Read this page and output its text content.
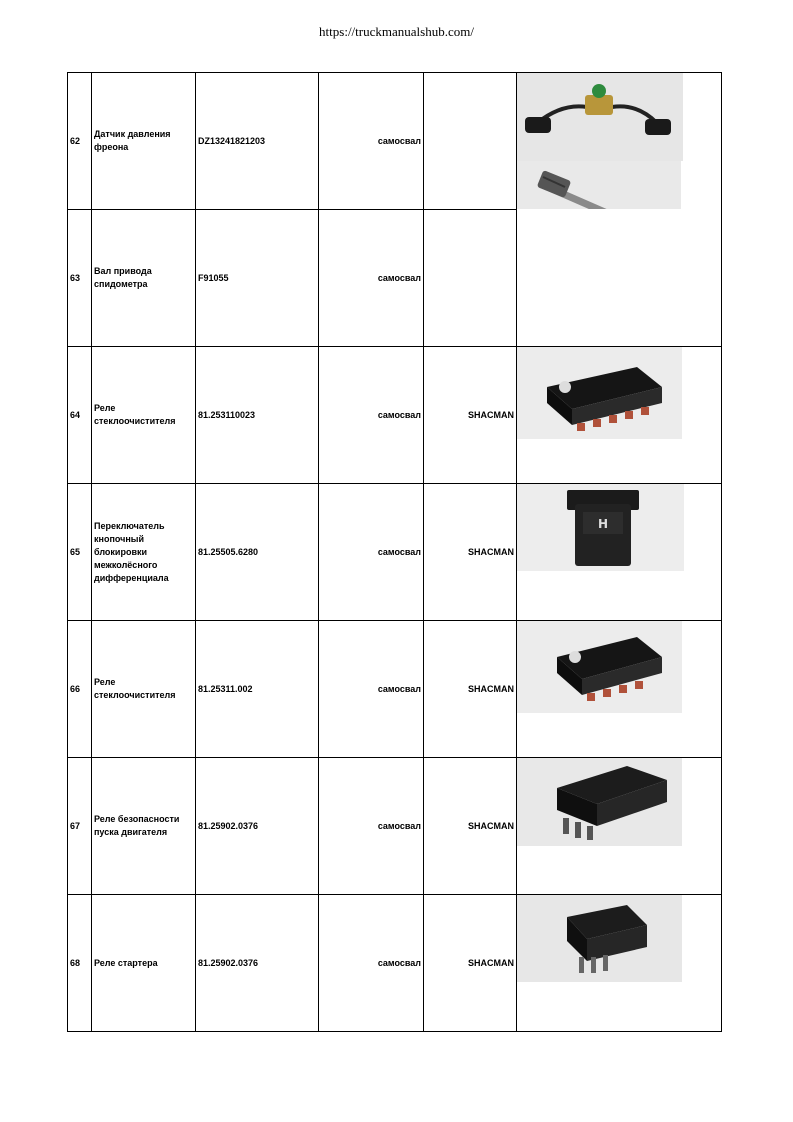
https://truckmanualshub.com/
62	Датчик давления фреона	DZ13241821203	самосвал		

63	Вал привода спидометра	F91055	самосвал		
64	Реле стеклоочистителя	81.253110023	самосвал	SHACMAN	

65	Переключатель кнопочный блокировки межколёсного дифференциала	81.25505.6280	самосвал	SHACMAN	H

66	Реле стеклоочистителя	81.25311.002	самосвал	SHACMAN	

67	Реле безопасности пуска двигателя	81.25902.0376	самосвал	SHACMAN	

68	Реле стартера	81.25902.0376	самосвал	SHACMAN	
